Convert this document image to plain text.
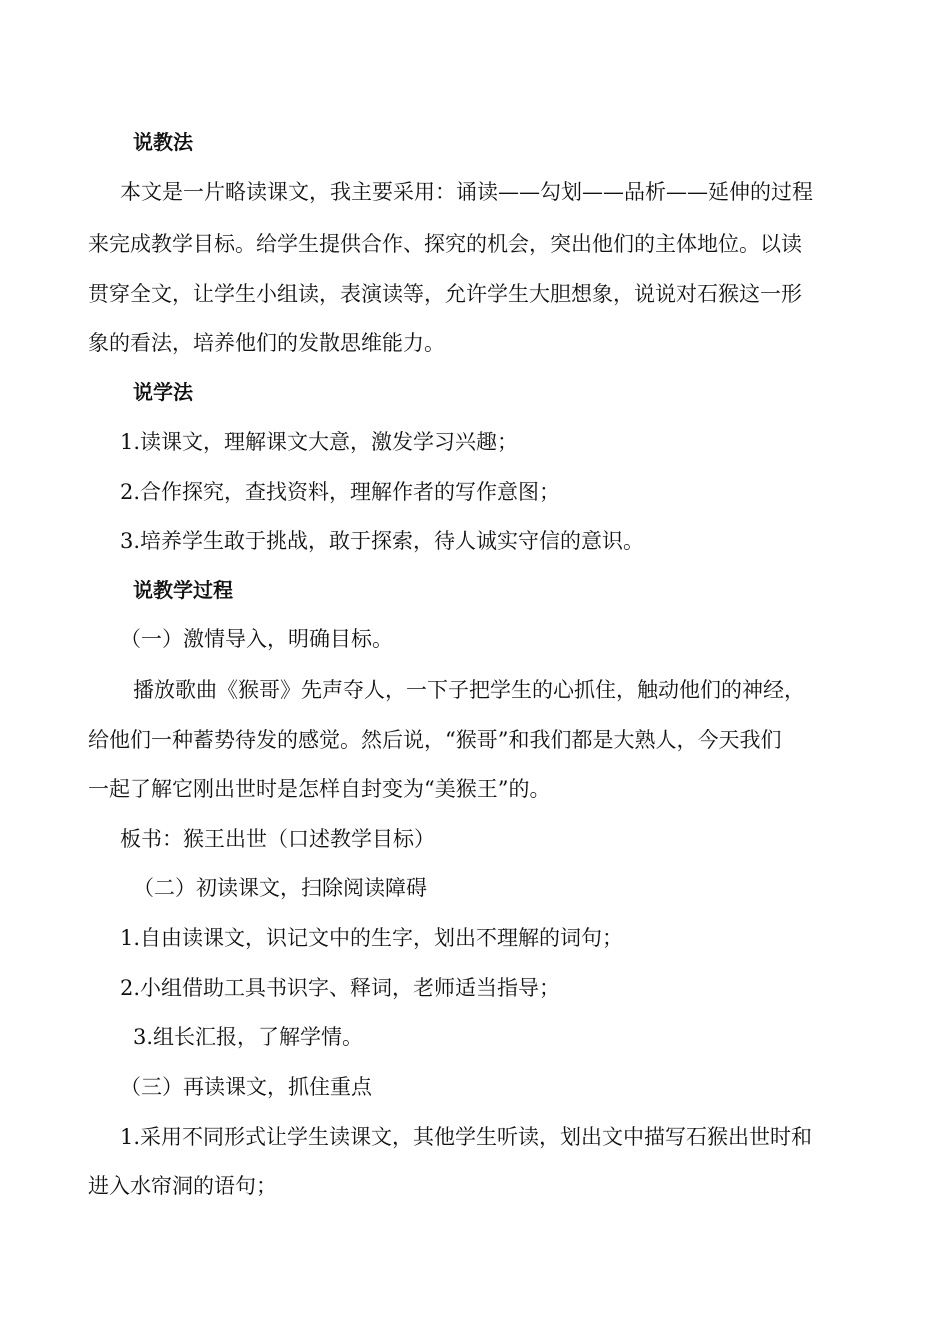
说教法
本文是一片略读课文，我主要采用：诵读——勾划——品析——延伸的过程
来完成教学目标。给学生提供合作、探究的机会，突出他们的主体地位。以读
贯穿全文，让学生小组读，表演读等，允许学生大胆想象，说说对石猴这一形
象的看法，培养他们的发散思维能力。
说学法
1.读课文，理解课文大意，激发学习兴趣；
2.合作探究，查找资料，理解作者的写作意图；
3.培养学生敢于挑战，敢于探索，待人诚实守信的意识。
说教学过程
（一）激情导入，明确目标。
播放歌曲《猴哥》先声夺人，一下子把学生的心抓住，触动他们的神经，
给他们一种蓄势待发的感觉。然后说，“猴哥”和我们都是大熟人，今天我们
一起了解它刚出世时是怎样自封变为“美猴王”的。
板书：猴王出世（口述教学目标）
（二）初读课文，扫除阅读障碍
1.自由读课文，识记文中的生字，划出不理解的词句；
2.小组借助工具书识字、释词，老师适当指导；
3.组长汇报，了解学情。
（三）再读课文，抓住重点
1.采用不同形式让学生读课文，其他学生听读，划出文中描写石猴出世时和
进入水帘洞的语句；
